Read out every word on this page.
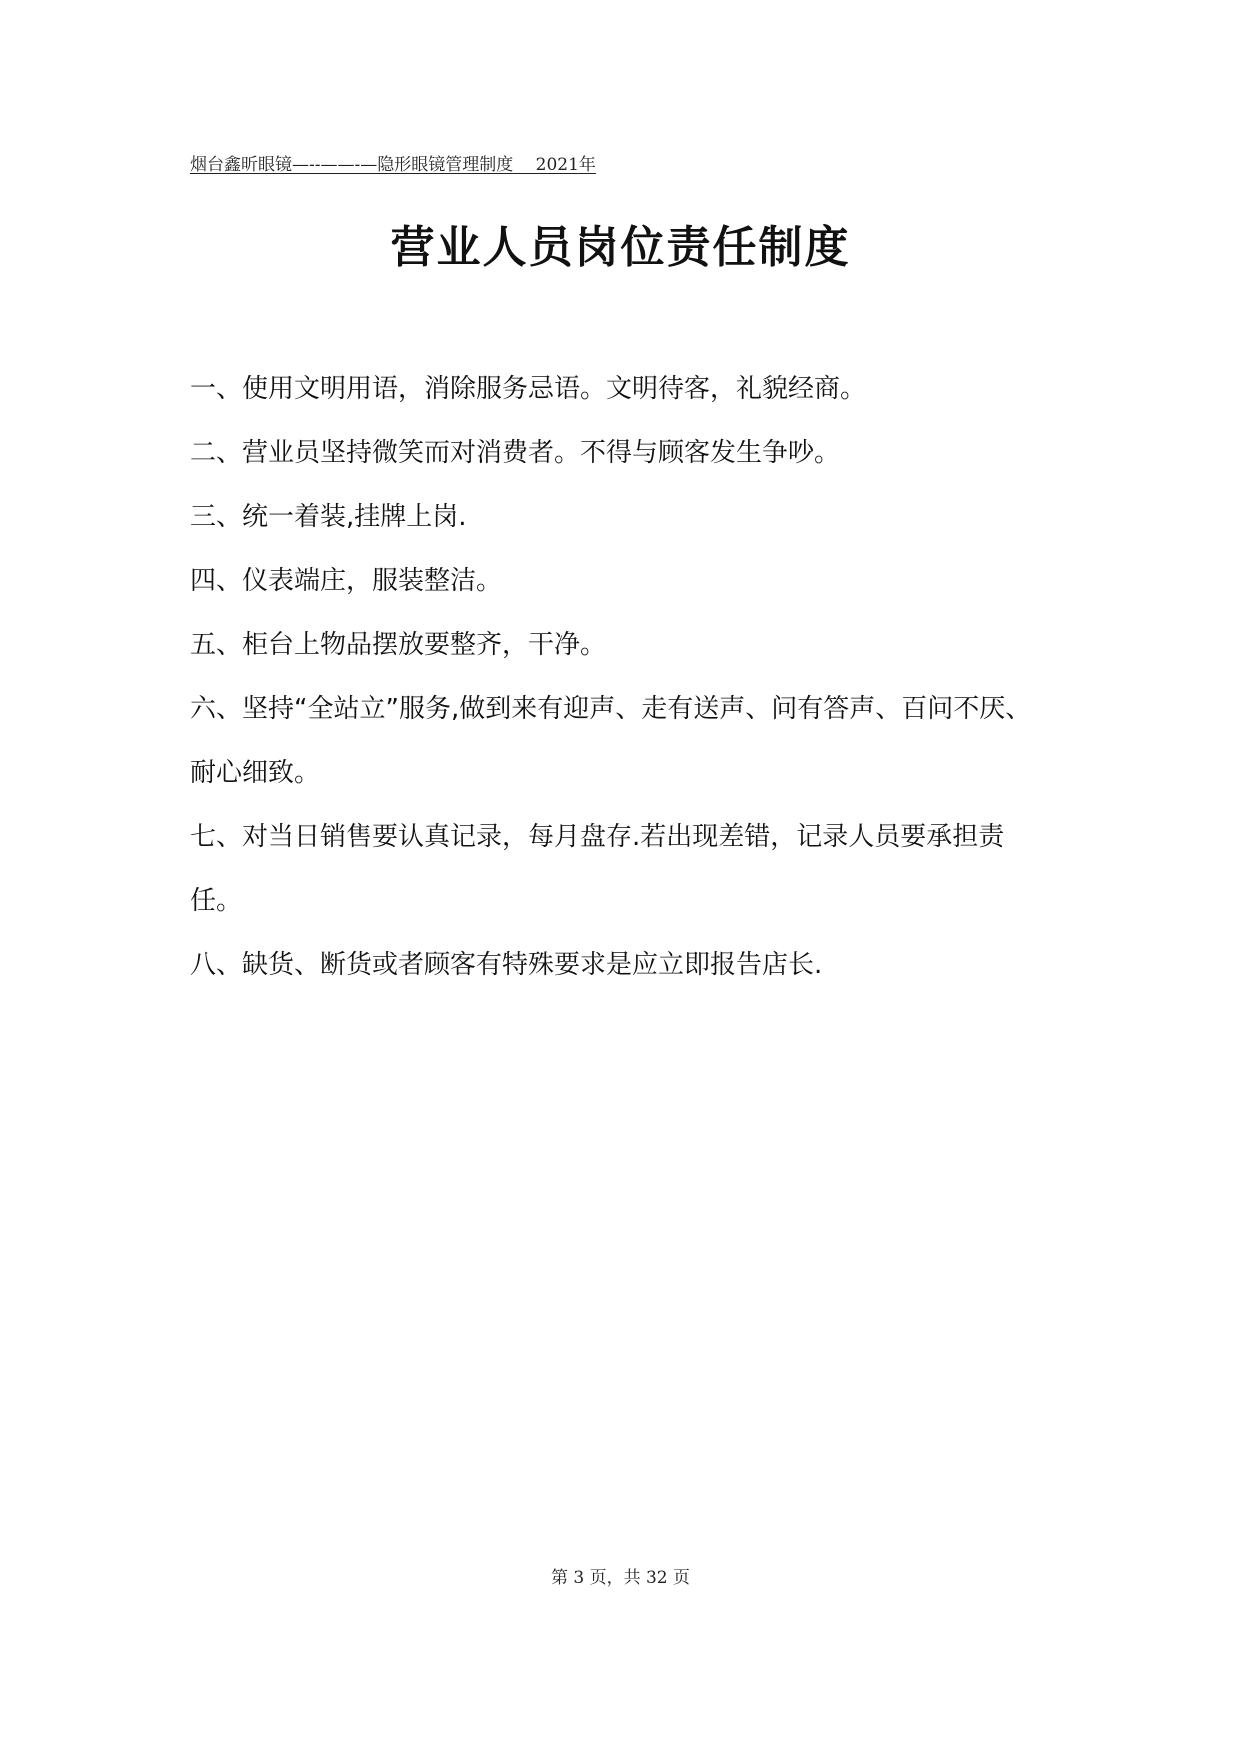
烟台鑫昕眼镜—--——-—隐形眼镜管理制度　 2021年
营业人员岗位责任制度
一、使用文明用语，消除服务忌语。文明待客，礼貌经商。
二、营业员坚持微笑而对消费者。不得与顾客发生争吵。
三、统一着装,挂牌上岗.
四、仪表端庄，服装整洁。
五、柜台上物品摆放要整齐，干净。
六、坚持“全站立”服务,做到来有迎声、走有送声、问有答声、百问不厌、耐心细致。
七、对当日销售要认真记录，每月盘存.若出现差错，记录人员要承担责任。
八、缺货、断货或者顾客有特殊要求是应立即报告店长.
第 3 页，共 32 页
